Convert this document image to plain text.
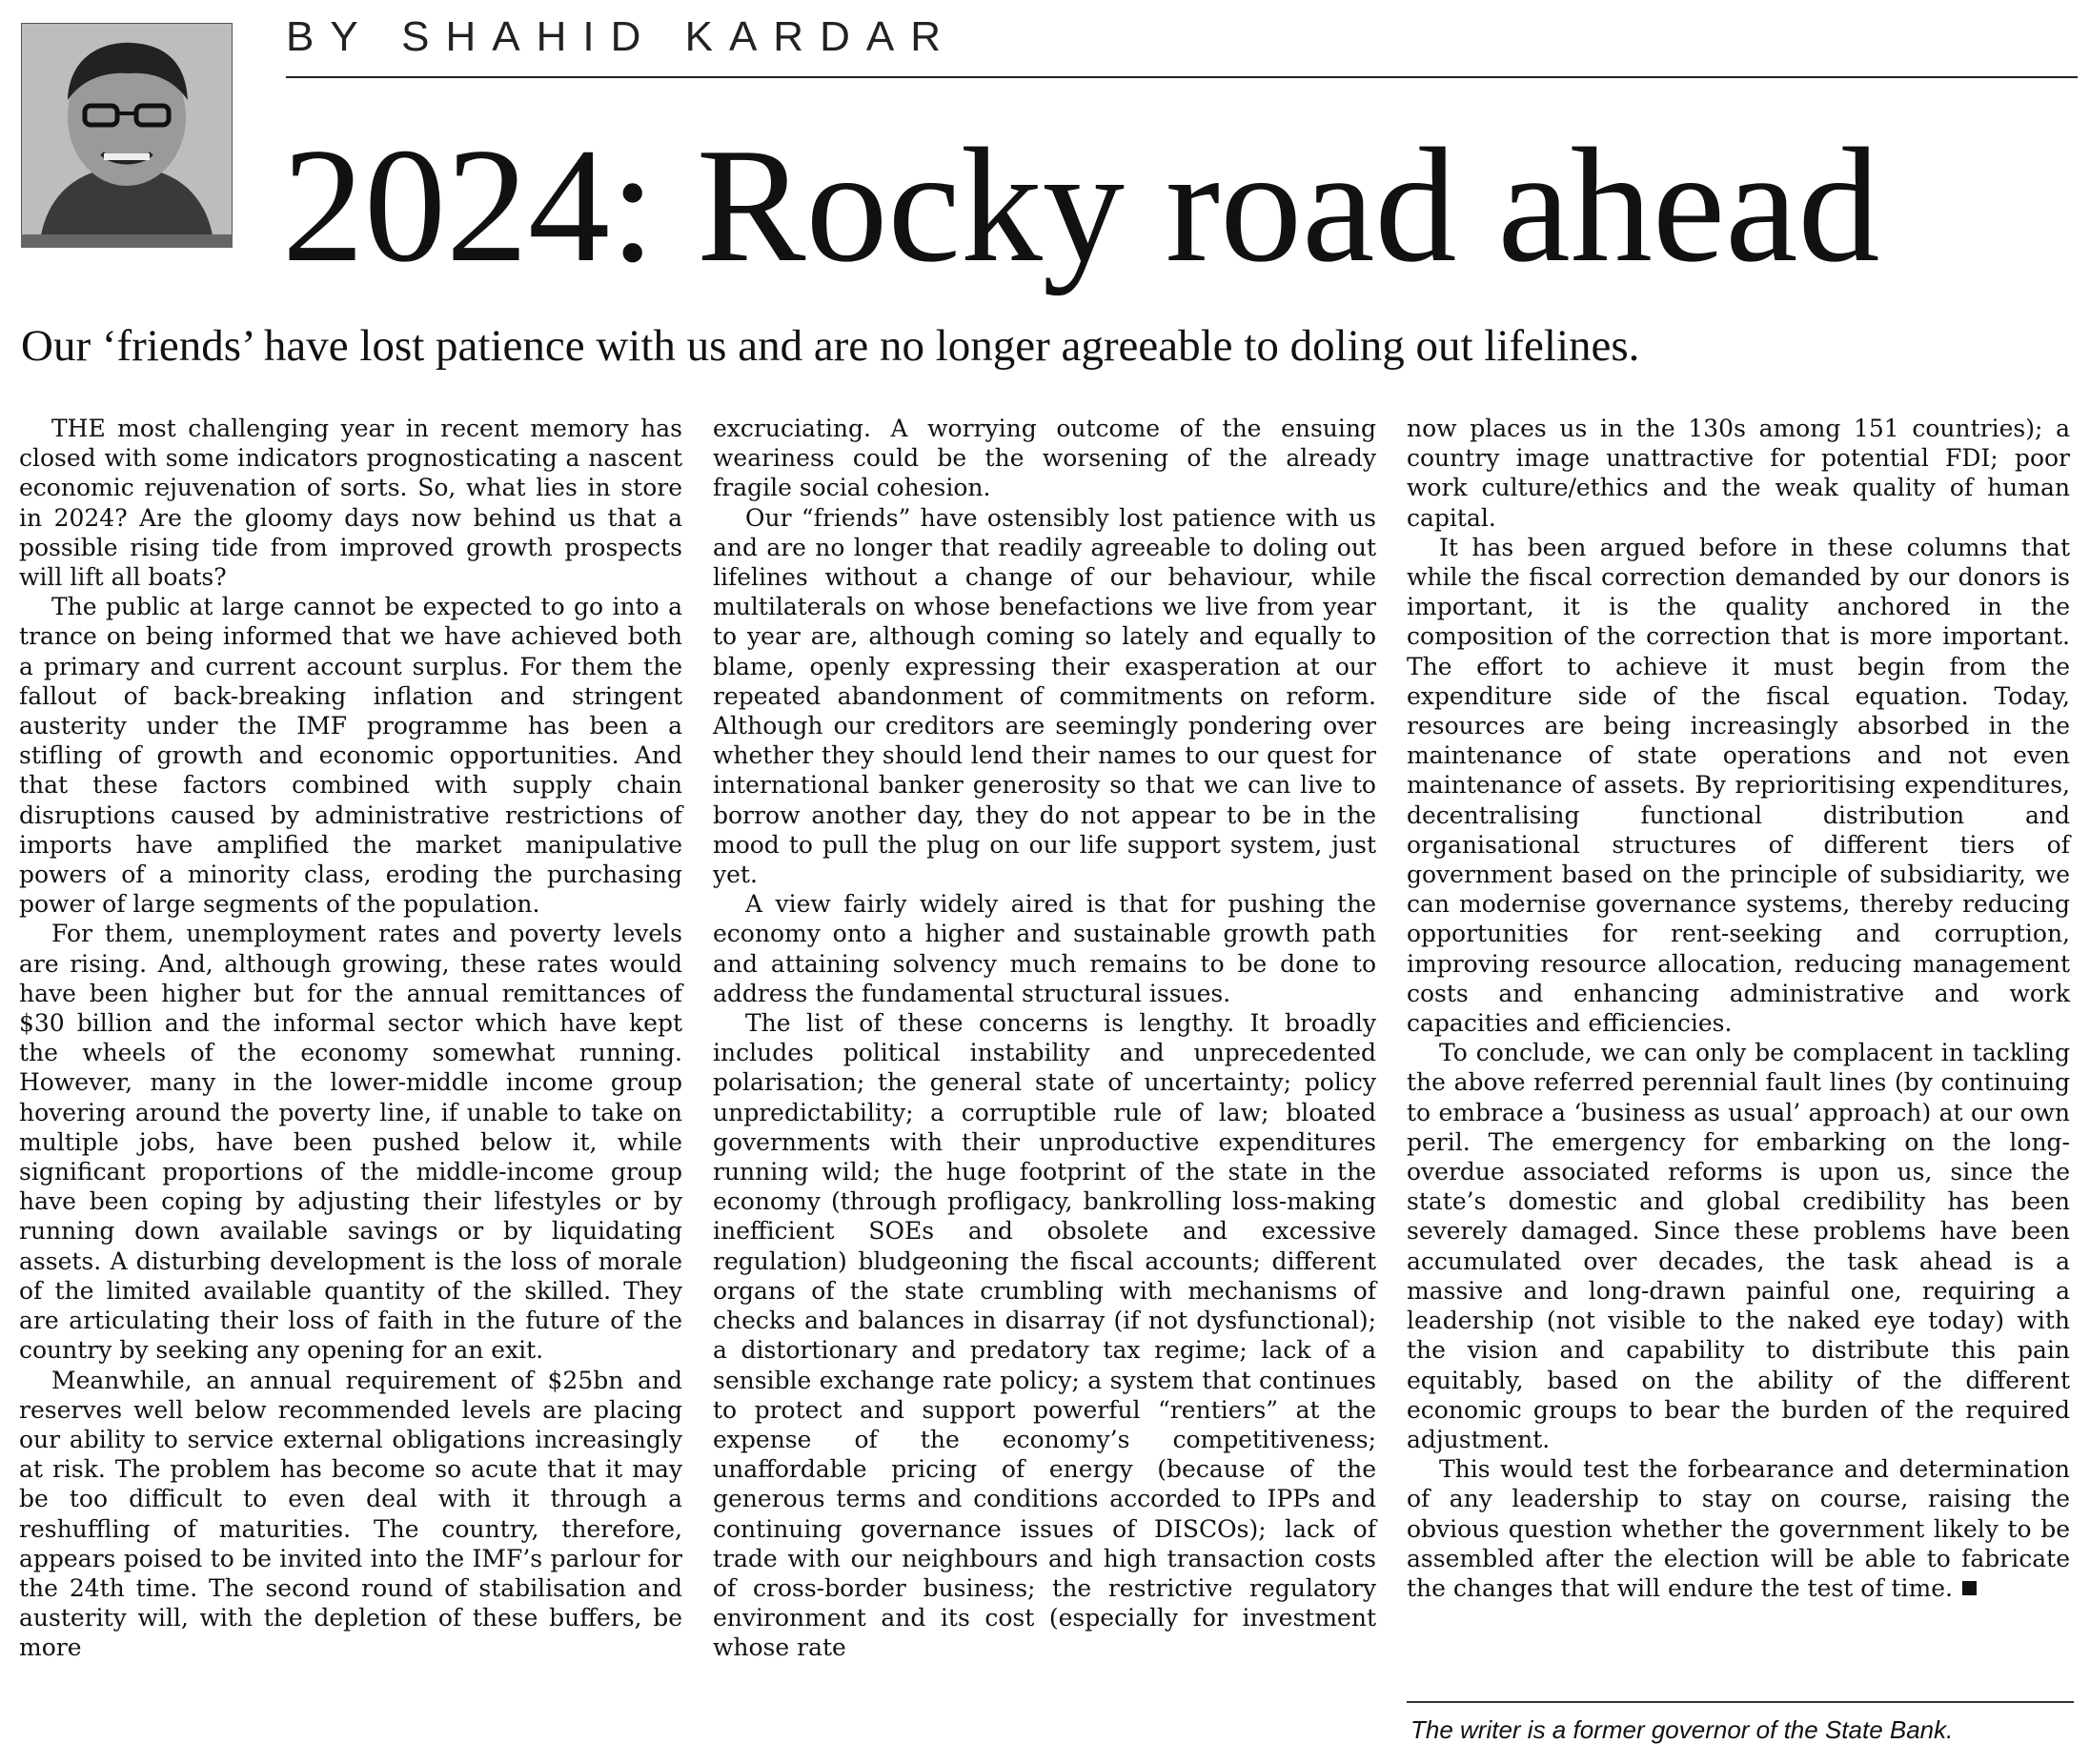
BY SHAHID KARDAR
2024: Rocky road ahead
Our ‘friends’ have lost patience with us and are no longer agreeable to doling out lifelines.

THE most challenging year in recent memory has closed with some indicators prognosticating a nascent economic rejuvenation of sorts. So, what lies in store in 2024? Are the gloomy days now behind us that a possible rising tide from improved growth prospects will lift all boats?

The public at large cannot be expected to go into a trance on being informed that we have achieved both a primary and current account surplus. For them the fallout of back-breaking inflation and stringent austerity under the IMF programme has been a stifling of growth and economic opportunities. And that these factors combined with supply chain disruptions caused by administrative restrictions of imports have amplified the market manipulative powers of a minority class, eroding the purchasing power of large segments of the population.

For them, unemployment rates and poverty levels are rising. And, although growing, these rates would have been higher but for the annual remittances of $30 billion and the informal sector which have kept the wheels of the economy somewhat running. However, many in the lower-middle income group hovering around the poverty line, if unable to take on multiple jobs, have been pushed below it, while significant proportions of the middle-income group have been coping by adjusting their lifestyles or by running down available savings or by liquidating assets. A disturbing development is the loss of morale of the limited available quantity of the skilled. They are articulating their loss of faith in the future of the country by seeking any opening for an exit.

Meanwhile, an annual requirement of $25bn and reserves well below recommended levels are placing our ability to service external obligations increasingly at risk. The problem has become so acute that it may be too difficult to even deal with it through a reshuffling of maturities. The country, therefore, appears poised to be invited into the IMF’s parlour for the 24th time. The second round of stabilisation and austerity will, with the depletion of these buffers, be more

excruciating. A worrying outcome of the ensuing weariness could be the worsening of the already fragile social cohesion.

Our “friends” have ostensibly lost patience with us and are no longer that readily agreeable to doling out lifelines without a change of our behaviour, while multilaterals on whose benefactions we live from year to year are, although coming so lately and equally to blame, openly expressing their exasperation at our repeated abandonment of commitments on reform. Although our creditors are seemingly pondering over whether they should lend their names to our quest for international banker generosity so that we can live to borrow another day, they do not appear to be in the mood to pull the plug on our life support system, just yet.

A view fairly widely aired is that for pushing the economy onto a higher and sustainable growth path and attaining solvency much remains to be done to address the fundamental structural issues.

The list of these concerns is lengthy. It broadly includes political instability and unprecedented polarisation; the general state of uncertainty; policy unpredictability; a corruptible rule of law; bloated governments with their unproductive expenditures running wild; the huge footprint of the state in the economy (through profligacy, bankrolling loss-making inefficient SOEs and obsolete and excessive regulation) bludgeoning the fiscal accounts; different organs of the state crumbling with mechanisms of checks and balances in disarray (if not dysfunctional); a distortionary and predatory tax regime; lack of a sensible exchange rate policy; a system that continues to protect and support powerful “rentiers” at the expense of the economy’s competitiveness; unaffordable pricing of energy (because of the generous terms and conditions accorded to IPPs and continuing governance issues of DISCOs); lack of trade with our neighbours and high transaction costs of cross-border business; the restrictive regulatory environment and its cost (especially for investment whose rate

now places us in the 130s among 151 countries); a country image unattractive for potential FDI; poor work culture/ethics and the weak quality of human capital.

It has been argued before in these columns that while the fiscal correction demanded by our donors is important, it is the quality anchored in the composition of the correction that is more important. The effort to achieve it must begin from the expenditure side of the fiscal equation. Today, resources are being increasingly absorbed in the maintenance of state operations and not even maintenance of assets. By reprioritising expenditures, decentralising functional distribution and organisational structures of different tiers of government based on the principle of subsidiarity, we can modernise governance systems, thereby reducing opportunities for rent-seeking and corruption, improving resource allocation, reducing management costs and enhancing administrative and work capacities and efficiencies.

To conclude, we can only be complacent in tackling the above referred perennial fault lines (by continuing to embrace a ‘business as usual’ approach) at our own peril. The emergency for embarking on the long-overdue associated reforms is upon us, since the state’s domestic and global credibility has been severely damaged. Since these problems have been accumulated over decades, the task ahead is a massive and long-drawn painful one, requiring a leadership (not visible to the naked eye today) with the vision and capability to distribute this pain equitably, based on the ability of the different economic groups to bear the burden of the required adjustment.

This would test the forbearance and determination of any leadership to stay on course, raising the obvious question whether the government likely to be assembled after the election will be able to fabricate the changes that will endure the test of time.

The writer is a former governor of the State Bank.
